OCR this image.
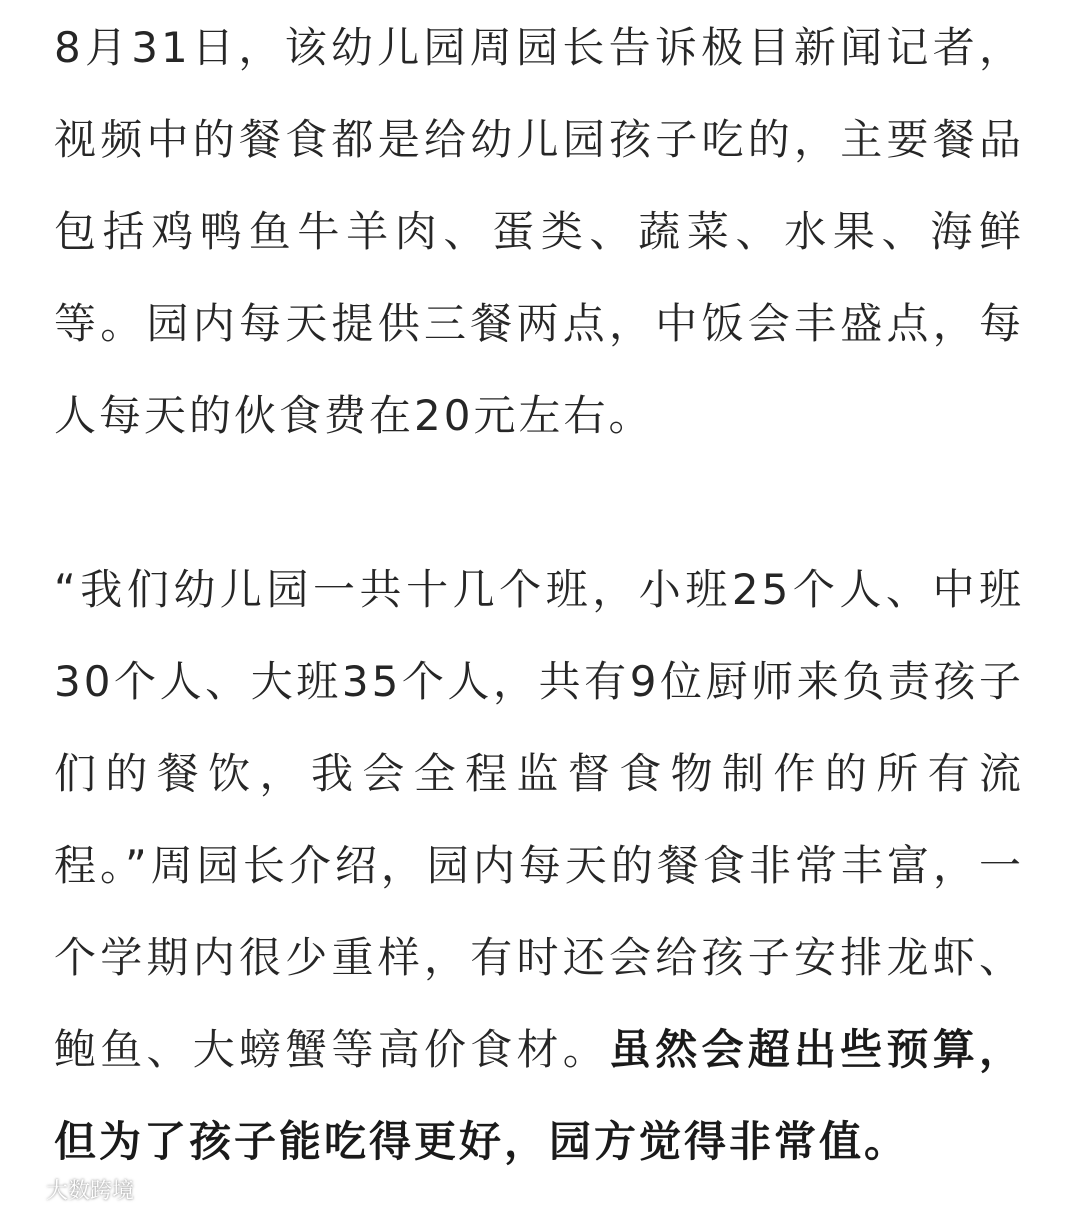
8月31日，该幼儿园周园长告诉极目新闻记者，视频中的餐食都是给幼儿园孩子吃的，主要餐品包括鸡鸭鱼牛羊肉、蛋类、蔬菜、水果、海鲜等。园内每天提供三餐两点，中饭会丰盛点，每人每天的伙食费在20元左右。

“我们幼儿园一共十几个班，小班25个人、中班30个人、大班35个人，共有9位厨师来负责孩子们的餐饮，我会全程监督食物制作的所有流程。”周园长介绍，园内每天的餐食非常丰富，一个学期内很少重样，有时还会给孩子安排龙虾、鲍鱼、大螃蟹等高价食材。虽然会超出些预算，但为了孩子能吃得更好，园方觉得非常值。

大数跨境
